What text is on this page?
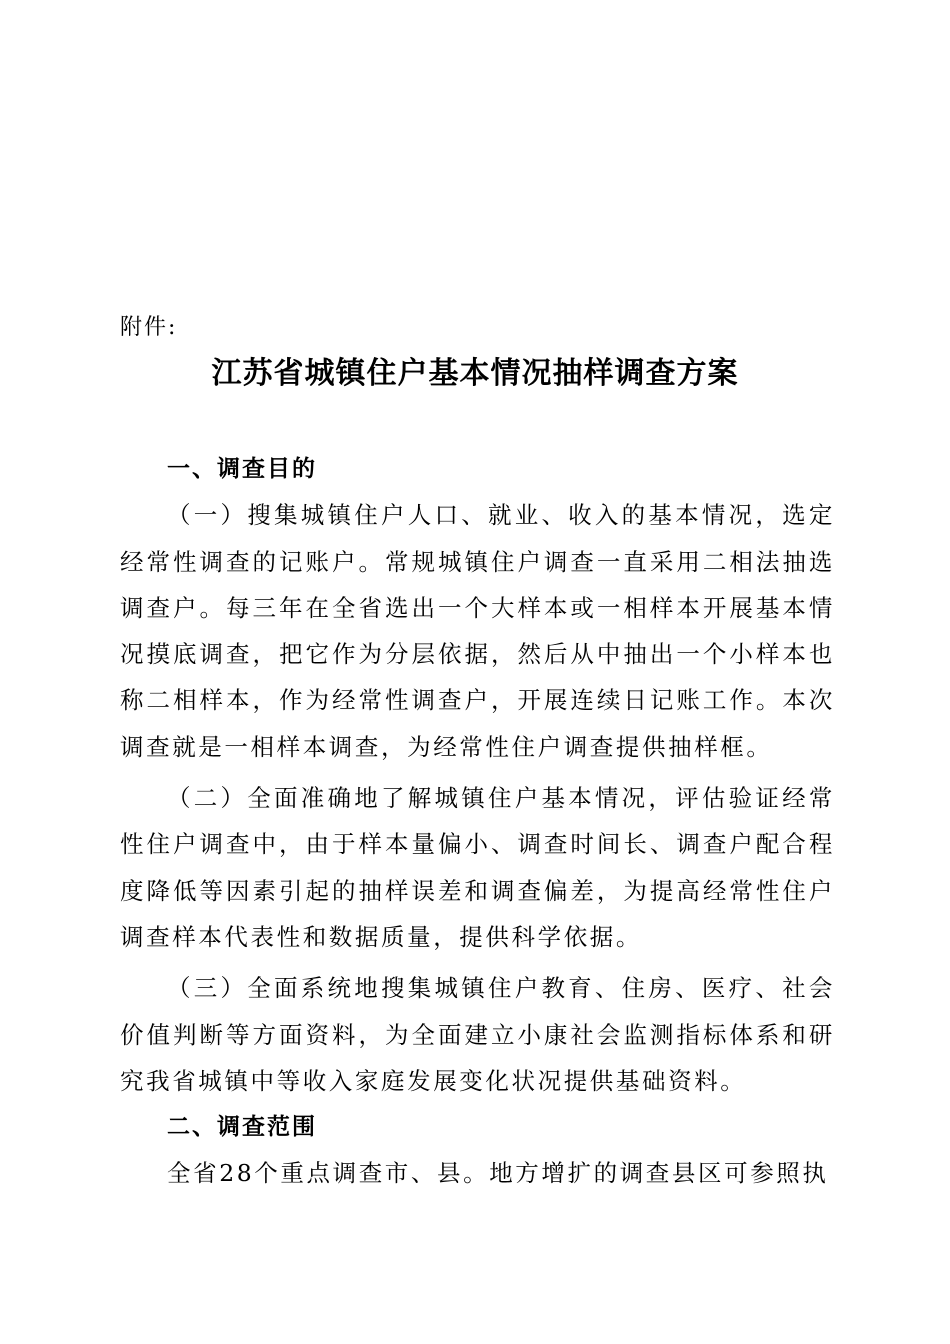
附件:
江苏省城镇住户基本情况抽样调查方案
一、调查目的

（一）搜集城镇住户人口、就业、收入的基本情况，选定经常性调查的记账户。常规城镇住户调查一直采用二相法抽选调查户。每三年在全省选出一个大样本或一相样本开展基本情况摸底调查，把它作为分层依据，然后从中抽出一个小样本也称二相样本，作为经常性调查户，开展连续日记账工作。本次调查就是一相样本调查，为经常性住户调查提供抽样框。

（二）全面准确地了解城镇住户基本情况，评估验证经常性住户调查中，由于样本量偏小、调查时间长、调查户配合程度降低等因素引起的抽样误差和调查偏差，为提高经常性住户调查样本代表性和数据质量，提供科学依据。

（三）全面系统地搜集城镇住户教育、住房、医疗、社会价值判断等方面资料，为全面建立小康社会监测指标体系和研究我省城镇中等收入家庭发展变化状况提供基础资料。

二、调查范围

全省28个重点调查市、县。地方增扩的调查县区可参照执
